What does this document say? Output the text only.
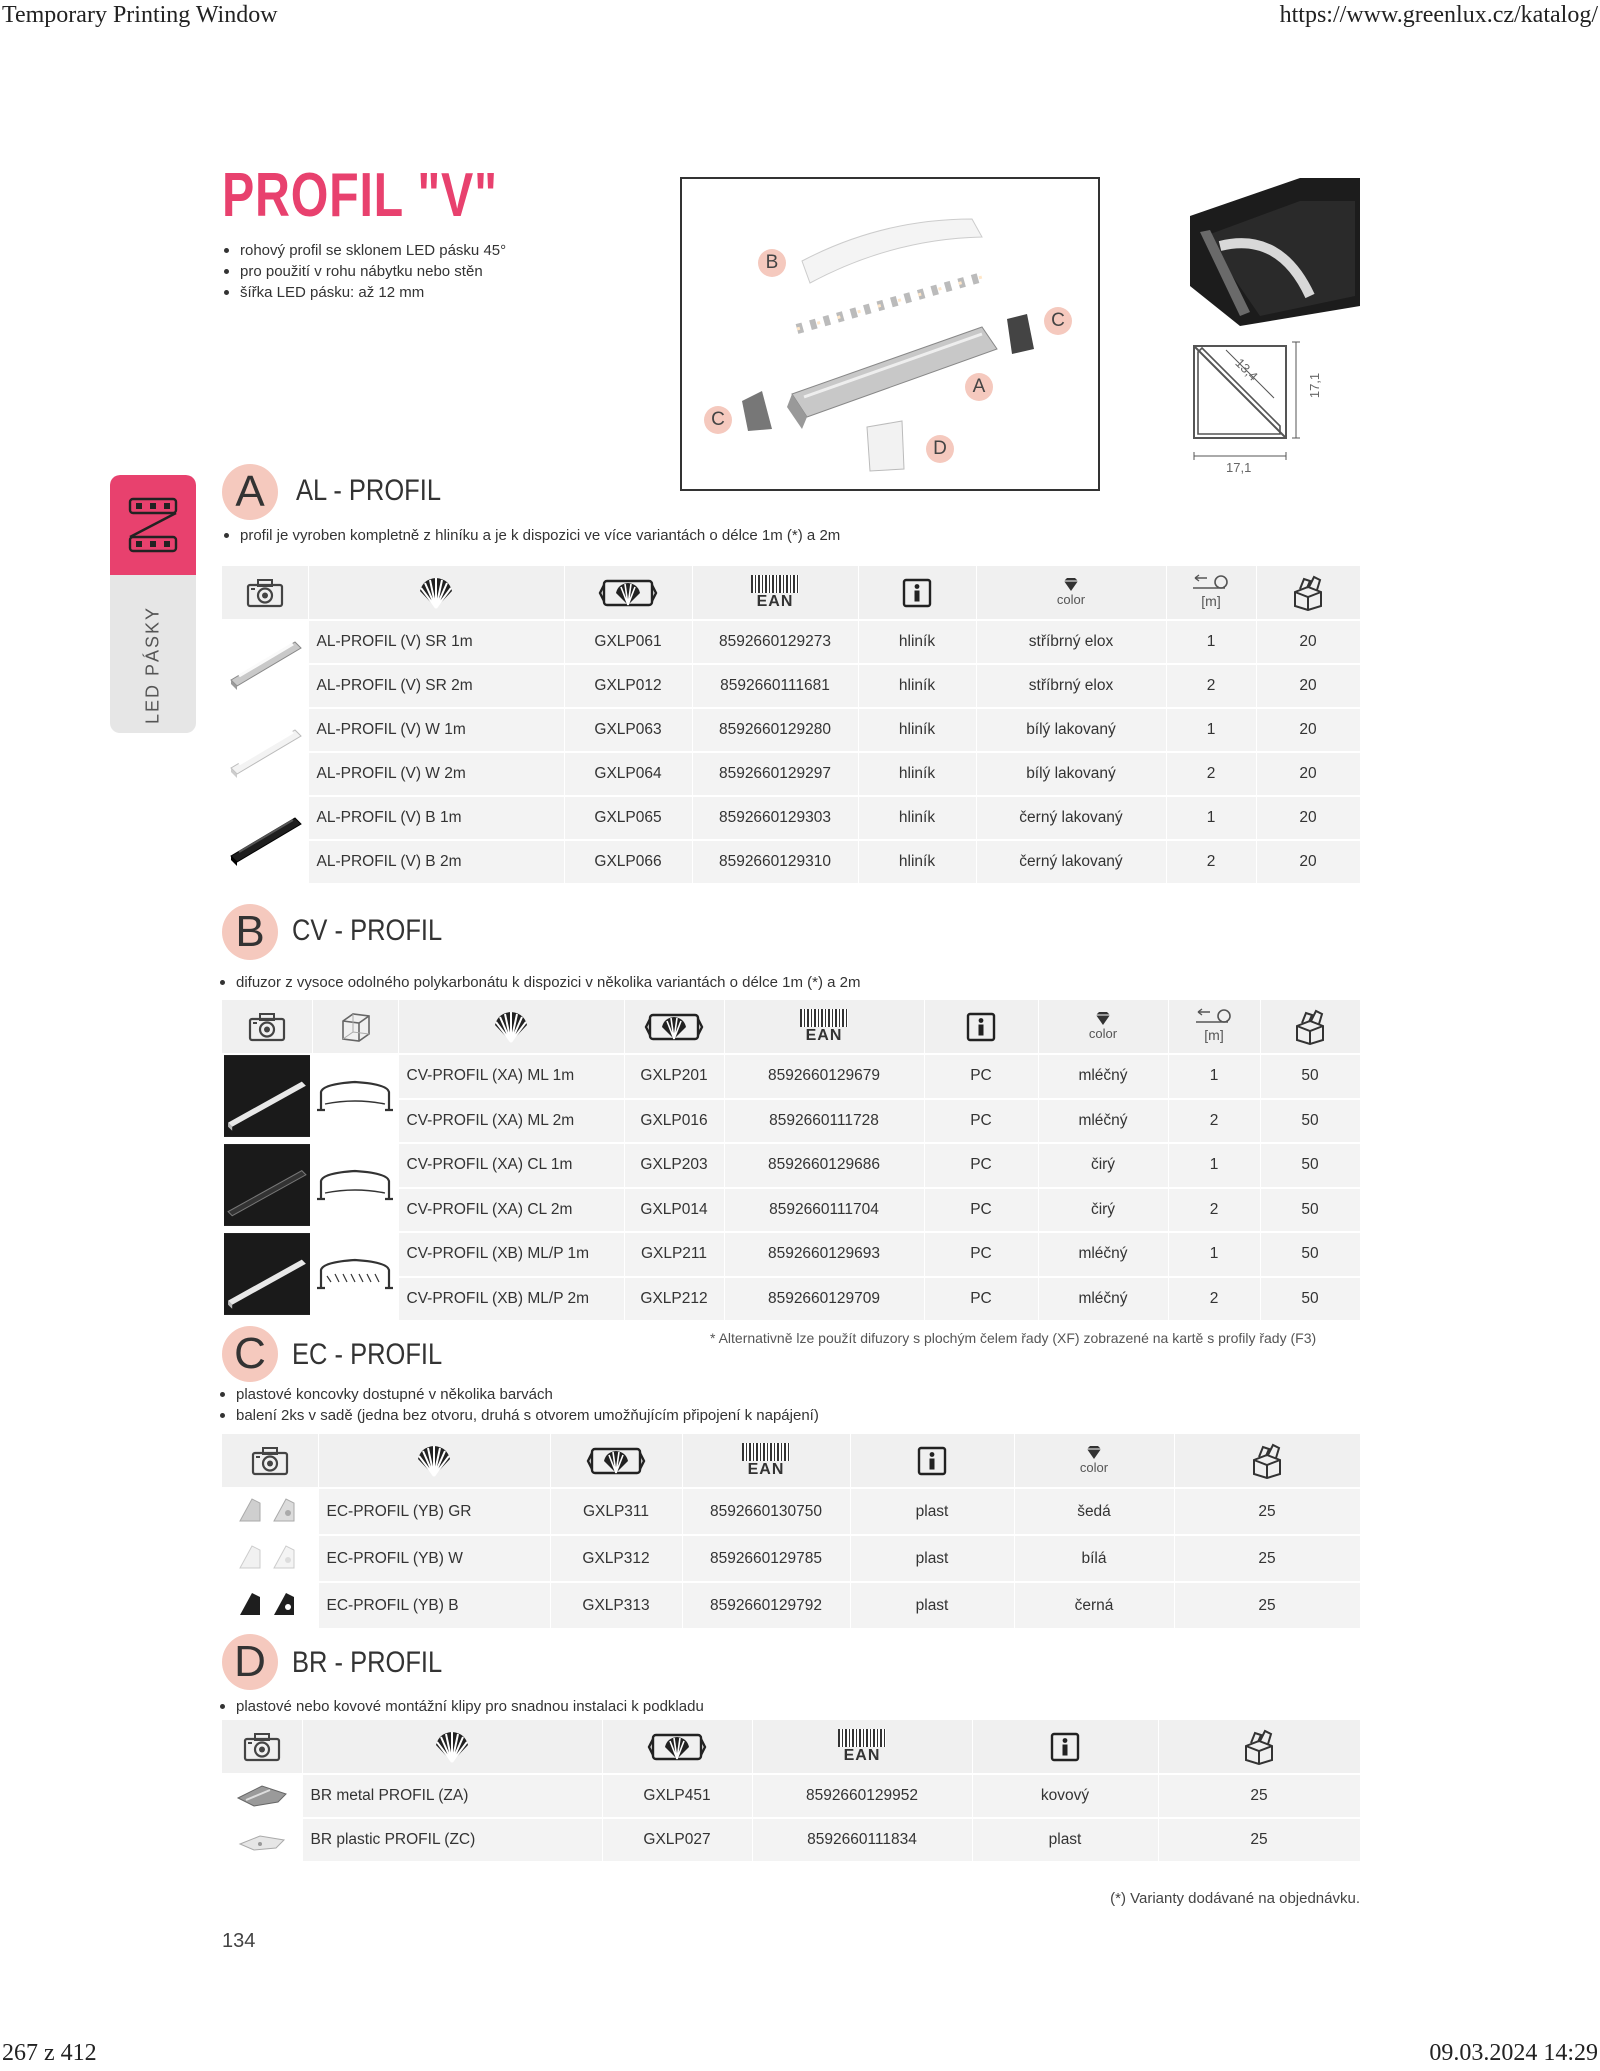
Temporary Printing Window	https://www.greenlux.cz/katalog/
267 z 412	09.03.2024 14:29
PROFIL "V"
rohový profil se sklonem LED pásku 45°
pro použití v rohu nábytku nebo stěn
šířka LED pásku: až 12 mm
B
C
A
C
D
13,4
17,1
17,1
LED PÁSKY
A	AL - PROFIL
profil je vyroben kompletně z hliníku a je k dispozici ve více variantách o délce 1m (*) a 2m

EAN		color	[m]	
	AL-PROFIL (V) SR 1m	GXLP061	8592660129273	hliník	stříbrný elox	1	20
	AL-PROFIL (V) SR 2m	GXLP012	8592660111681	hliník	stříbrný elox	2	20
	AL-PROFIL (V) W 1m	GXLP063	8592660129280	hliník	bílý lakovaný	1	20
	AL-PROFIL (V) W 2m	GXLP064	8592660129297	hliník	bílý lakovaný	2	20
	AL-PROFIL (V) B 1m	GXLP065	8592660129303	hliník	černý lakovaný	1	20
	AL-PROFIL (V) B 2m	GXLP066	8592660129310	hliník	černý lakovaný	2	20
B CV - PROFIL
difuzor z vysoce odolného polykarbonátu k dispozici v několika variantách o délce 1m (*) a 2m

EAN		color	[m]	
		CV-PROFIL (XA) ML 1m	GXLP201	8592660129679	PC	mléčný	1	50
		CV-PROFIL (XA) ML 2m	GXLP016	8592660111728	PC	mléčný	2	50
		CV-PROFIL (XA) CL 1m	GXLP203	8592660129686	PC	čirý	1	50
		CV-PROFIL (XA) CL 2m	GXLP014	8592660111704	PC	čirý	2	50
		CV-PROFIL (XB) ML/P 1m	GXLP211	8592660129693	PC	mléčný	1	50
		CV-PROFIL (XB) ML/P 2m	GXLP212	8592660129709	PC	mléčný	2	50
C EC - PROFIL	* Alternativně lze použít difuzory s plochým čelem řady (XF) zobrazené na kartě s profily řady (F3)
plastové koncovky dostupné v několika barvách
balení 2ks v sadě (jedna bez otvoru, druhá s otvorem umožňujícím připojení k napájení)

EAN		color	
	EC-PROFIL (YB) GR	GXLP311	8592660130750	plast	šedá	25
	EC-PROFIL (YB) W	GXLP312	8592660129785	plast	bílá	25
	EC-PROFIL (YB) B	GXLP313	8592660129792	plast	černá	25
D BR - PROFIL
plastové nebo kovové montážní klipy pro snadnou instalaci k podkladu

EAN

	BR metal PROFIL (ZA)	GXLP451	8592660129952	kovový	25
	BR plastic PROFIL (ZC)	GXLP027	8592660111834	plast	25
(*) Varianty dodávané na objednávku.
134
